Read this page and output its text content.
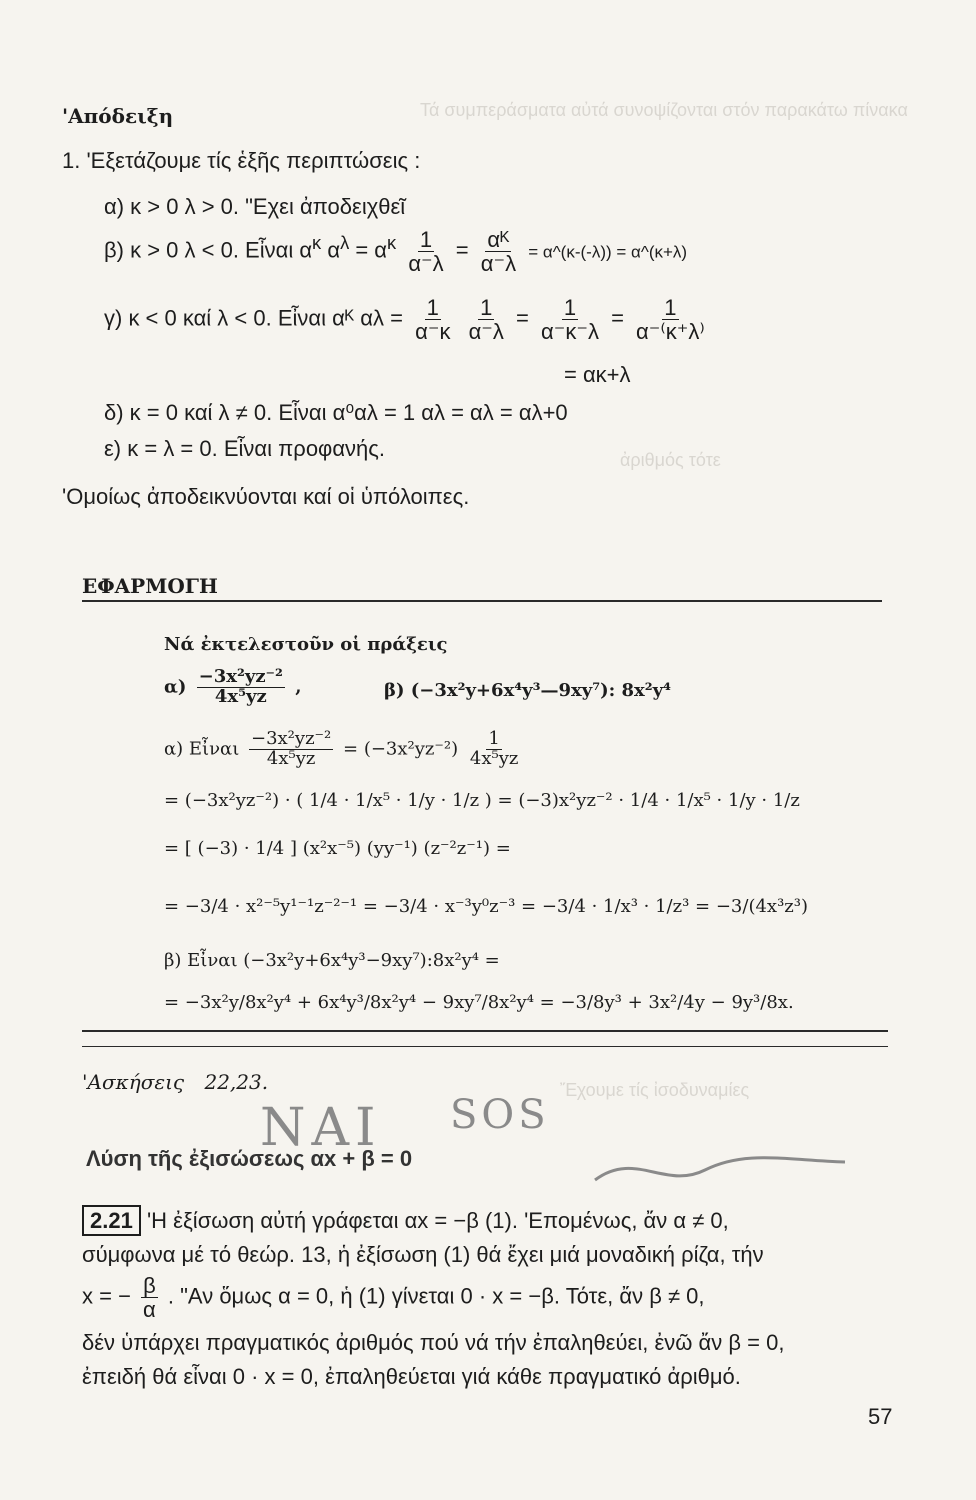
Τά συμπεράσματα αὐτά συνοψίζονται στόν παρακάτω πίνακα
ἀριθμός τότε
Ἔχουμε τίς ἰσοδυναμίες
'Απόδειξη
1. 'Εξετάζουμε τίς ἑξῆς περιπτώσεις :
α) κ > 0 λ > 0. "Εχει ἀποδειχθεῖ
β) κ > 0 λ < 0. Εἶναι $\alpha^\kappa$ $\alpha^\lambda = \alpha^\kappa \frac{1}{\alpha^-\lambda} = \frac{\text{αᴷ}}{\alpha^-\lambda}$ = α^(κ-(-λ)) = α^(κ+λ)
γ) κ < 0 καί λ < 0. Εἶναι αᴷ $\alpha\lambda = \frac{1}{\alpha^-\kappa}$
$\frac{1}{\alpha^-\lambda} = \frac{1}{\alpha^-\kappa^-\lambda} = \frac{1}{\alpha^{-(}\kappa^+\lambda^)}$
= ακ+λ
δ) κ = 0 καί λ ≠ 0. Εἶναι α⁰αλ = 1 αλ = αλ = αλ+0
ε) κ = λ = 0. Εἶναι προφανής.
'Ομοίως ἀποδεικνύονται καί οἱ ὑπόλοιπες.
ΕΦΑΡΜΟΓΗ
Νά ἐκτελεστοῦν οἱ πράξεις
$\alpha) \frac{\text{−3x²yz⁻²}}{\text{4x⁵yz}}$ ,	β) (−3x²y+6x⁴y³—9xy⁷): 8x²y⁴
α) Εἶναι $\frac{\text{−3x²yz⁻²}}{\text{4x⁵yz}} = (-3x^2yz^{-2}) \frac{1}{\text{4x⁵yz}}$
= (−3x²yz⁻²) · ( 1/4 · 1/x⁵ · 1/y · 1/z ) = (−3)x²yz⁻² · 1/4 · 1/x⁵ · 1/y · 1/z
= [ (−3) · 1/4 ] (x²x⁻⁵) (yy⁻¹) (z⁻²z⁻¹) =
= −3/4 · x²⁻⁵y¹⁻¹z⁻²⁻¹ = −3/4 · x⁻³y⁰z⁻³ = −3/4 · 1/x³ · 1/z³ = −3/(4x³z³)
β) Εἶναι (−3x²y+6x⁴y³−9xy⁷):8x²y⁴ =
= −3x²y/8x²y⁴ + 6x⁴y³/8x²y⁴ − 9xy⁷/8x²y⁴ = −3/8y³ + 3x²/4y − 9y³/8x.
'Ασκήσεις 22,23.
ΝΑΙ SOS
Λύση τῆς ἐξισώσεως αx + β = 0
2.21 'Η ἐξίσωση αὐτή γράφεται αx = −β (1). 'Επομένως, ἄν α ≠ 0,
σύμφωνα μέ τό θεώρ. 13, ἡ ἐξίσωση (1) θά ἔχει μιά μοναδική ρίζα, τήν
x = − $\frac{\beta}{\alpha}$ . "Αν ὅμως α = 0, ἡ (1) γίνεται 0 · x = −β. Τότε, ἄν β ≠ 0,
δέν ὑπάρχει πραγματικός ἀριθμός πού νά τήν ἐπαληθεύει, ἐνῶ ἄν β = 0,
ἐπειδή θά εἶναι 0 · x = 0, ἐπαληθεύεται γιά κάθε πραγματικό ἀριθμό.
57
